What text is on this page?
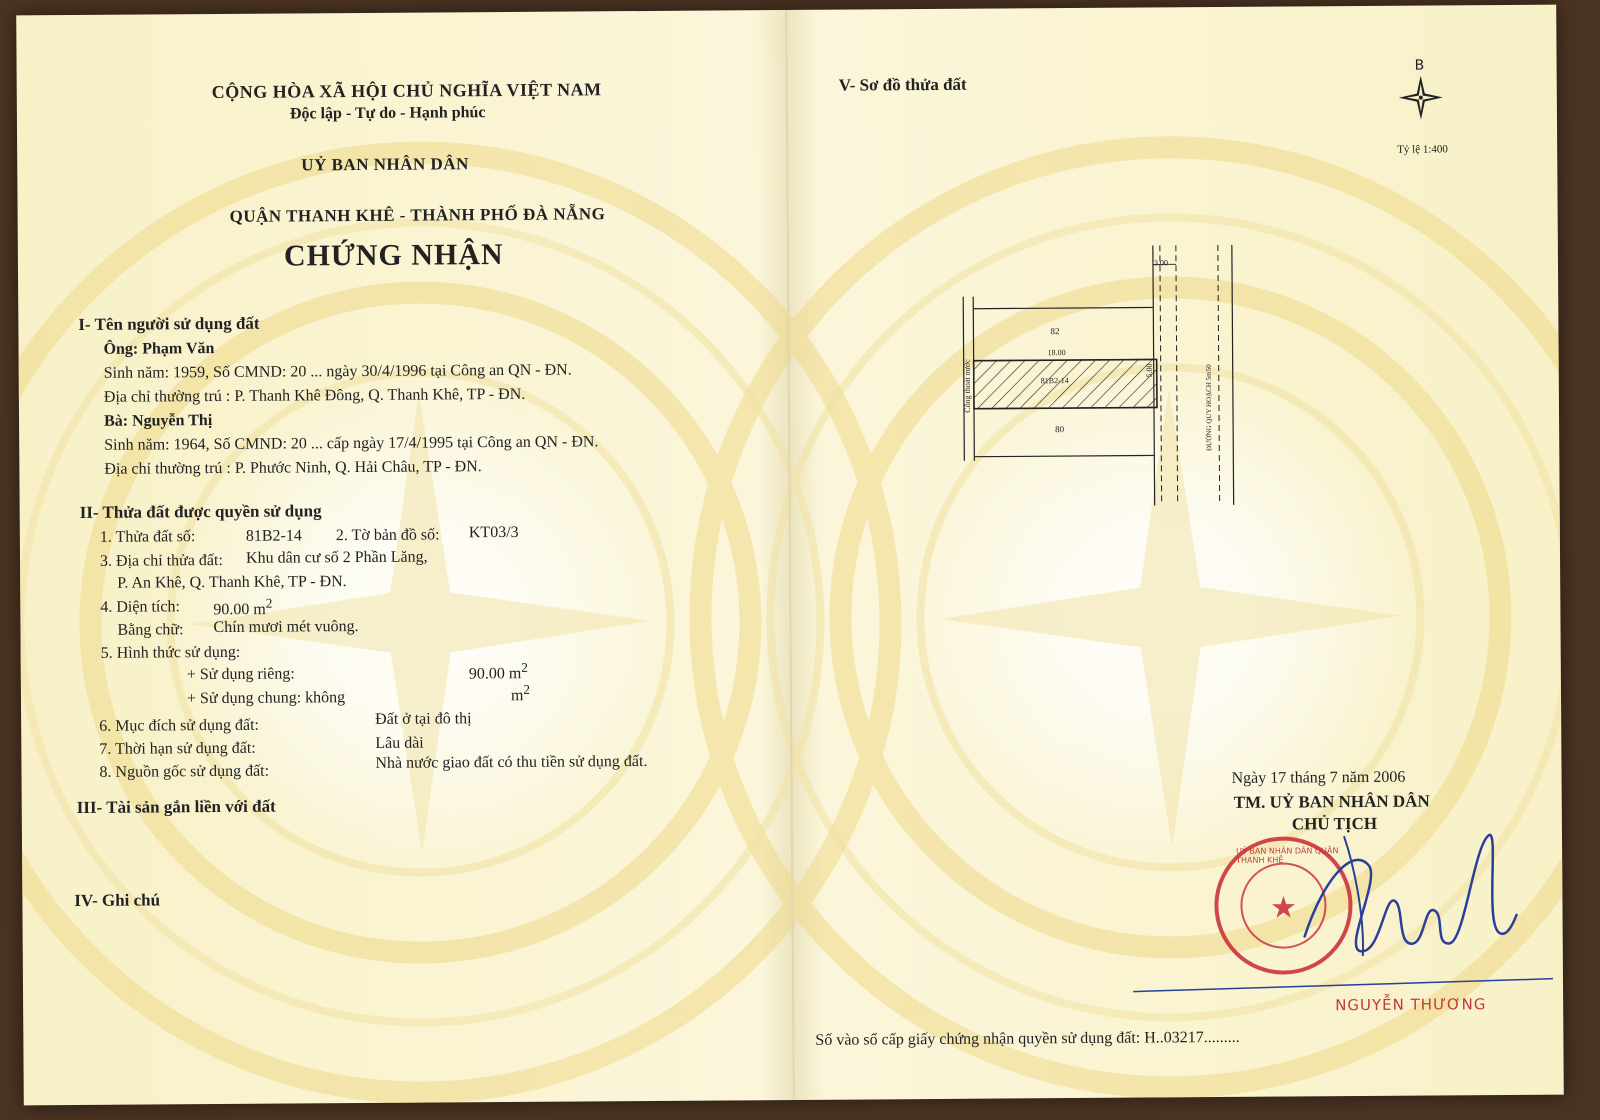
CỘNG HÒA XÃ HỘI CHỦ NGHĨA VIỆT NAM
Độc lập - Tự do - Hạnh phúc
UỶ BAN NHÂN DÂN
QUẬN THANH KHÊ - THÀNH PHỐ ĐÀ NẴNG
CHỨNG NHẬN
I- Tên người sử dụng đất
Ông: Phạm Văn
Sinh năm: 1959, Số CMND: 20 ... ngày 30/4/1996 tại Công an QN - ĐN.
Địa chỉ thường trú : P. Thanh Khê Đông, Q. Thanh Khê, TP - ĐN.
Bà: Nguyễn Thị
Sinh năm: 1964, Số CMND: 20 ... cấp ngày 17/4/1995 tại Công an QN - ĐN.
Địa chỉ thường trú : P. Phước Ninh, Q. Hải Châu, TP - ĐN.
II- Thửa đất được quyền sử dụng
1. Thửa đất số:	81B2-14 2. Tờ bản đồ số: KT03/3
3. Địa chỉ thửa đất: Khu dân cư số 2 Phần Lăng,
P. An Khê, Q. Thanh Khê, TP - ĐN.
4. Diện tích: 90.00 $m^2$
Bằng chữ: Chín mươi mét vuông.
5. Hình thức sử dụng:
+ Sử dụng riêng:	90.00 $m^2$
+ Sử dụng chung: không	$m^2$
6. Mục đích sử dụng đất:	Đất ở tại đô thị
7. Thời hạn sử dụng đất:	Lâu dài
8. Nguồn gốc sử dụng đất:	Nhà nước giao đất có thu tiền sử dụng đất.
III- Tài sản gắn liền với đất
IV- Ghi chú
V- Sơ đồ thửa đất
B
Tỷ lệ 1:400
3.00
82
18.00
81B2-14
5.00
80
Cống thoát nước	ĐƯỜNG QUY HOẠCH 5m50
Ngày 17 tháng 7 năm 2006
TM. UỶ BAN NHÂN DÂN
CHỦ TỊCH
★
UỶ BAN NHÂN DÂN QUẬN THANH KHÊ
NGUYỄN THƯƠNG
Số vào sổ cấp giấy chứng nhận quyền sử dụng đất: H..03217.........
